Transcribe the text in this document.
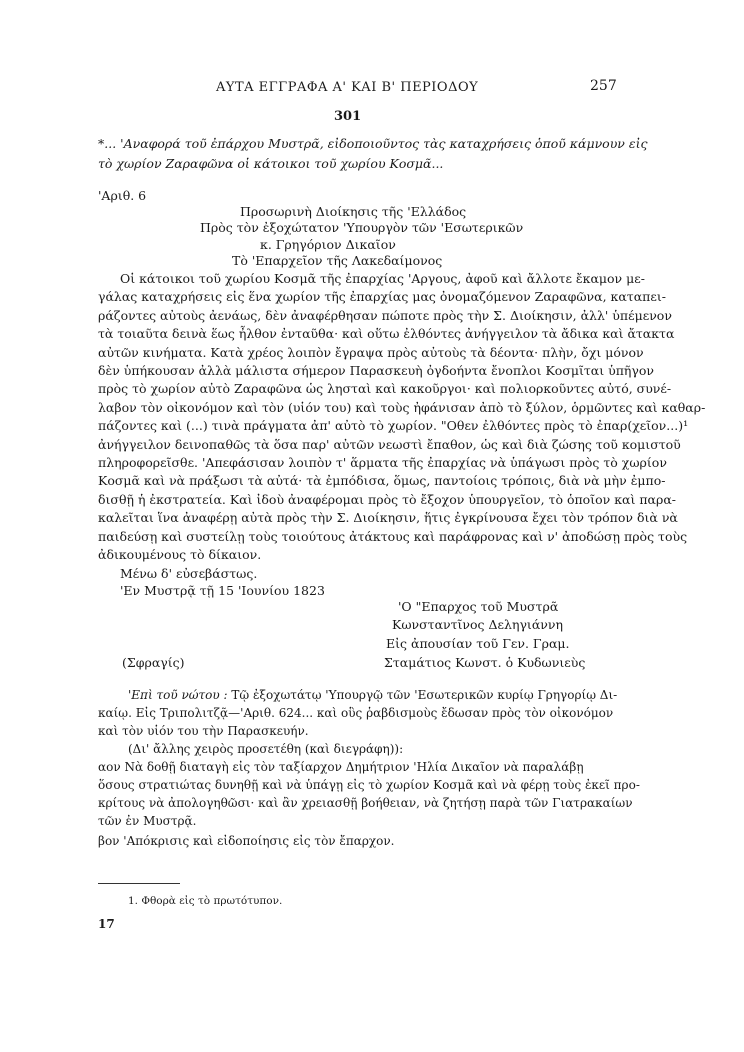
ΑΥΤΑ ΕΓΓΡΑΦΑ Α' ΚΑΙ Β' ΠΕΡΙΟΔΟΥ	257
301
*... 'Αναφορά τοῦ ἐπάρχου Μυστρᾶ, εἰδοποιοῦντος τὰς καταχρήσεις ὁποῦ κάμνουν εἰς
τὸ χωρίον Ζαραφῶνα οἱ κάτοικοι τοῦ χωρίου Κοσμᾶ...
'Αριθ. 6
Προσωρινὴ Διοίκησις τῆς 'Ελλάδος
Πρὸς τὸν ἐξοχώτατον 'Υπουργὸν τῶν 'Εσωτερικῶν
κ. Γρηγόριον Δικαῖον
Τὸ 'Επαρχεῖον τῆς Λακεδαίμονος
Οἱ κάτοικοι τοῦ χωρίου Κοσμᾶ τῆς ἐπαρχίας 'Αργους, ἀφοῦ καὶ ἄλλοτε ἔκαμον με-
γάλας καταχρήσεις εἰς ἕνα χωρίον τῆς ἐπαρχίας μας ὀνομαζόμενον Ζαραφῶνα, καταπει-
ράζοντες αὐτοὺς ἀενάως, δὲν ἀναφέρθησαν πώποτε πρὸς τὴν Σ. Διοίκησιν, ἀλλ' ὑπέμενον
τὰ τοιαῦτα δεινὰ ἕως ἦλθον ἐνταῦθα· καὶ οὕτω ἐλθόντες ἀνήγγειλον τὰ ἄδικα καὶ ἄτακτα
αὐτῶν κινήματα. Κατὰ χρέος λοιπὸν ἔγραψα πρὸς αὐτοὺς τὰ δέοντα· πλὴν, ὄχι μόνον
δὲν ὑπήκουσαν ἀλλὰ μάλιστα σήμερον Παρασκευὴ ὀγδοήντα ἔνοπλοι Κοσμῖται ὑπῆγον
πρὸς τὸ χωρίον αὐτὸ Ζαραφῶνα ὡς λησταὶ καὶ κακοῦργοι· καὶ πολιορκοῦντες αὐτό, συνέ-
λαβον τὸν οἰκονόμον καὶ τὸν (υἱόν του) καὶ τοὺς ἠφάνισαν ἀπὸ τὸ ξύλον, ὁρμῶντες καὶ καθαρ-
πάζοντες καὶ (...) τινὰ πράγματα ἀπ' αὐτὸ τὸ χωρίον. "Οθεν ἐλθόντες πρὸς τὸ ἐπαρ(χεῖον...)¹
ἀνήγγειλον δεινοπαθῶς τὰ ὅσα παρ' αὐτῶν νεωστὶ ἔπαθον, ὡς καὶ διὰ ζώσης τοῦ κομιστοῦ
πληροφορεῖσθε. 'Απεφάσισαν λοιπὸν τ' ἅρματα τῆς ἐπαρχίας νὰ ὑπάγωσι πρὸς τὸ χωρίον
Κοσμᾶ καὶ νὰ πράξωσι τὰ αὐτά· τὰ ἐμπόδισα, ὅμως, παντοίοις τρόποις, διὰ νὰ μὴν ἐμπο-
δισθῇ ἡ ἐκστρατεία. Καὶ ἰδοὺ ἀναφέρομαι πρὸς τὸ ἔξοχον ὑπουργεῖον, τὸ ὁποῖον καὶ παρα-
καλεῖται ἵνα ἀναφέρῃ αὐτὰ πρὸς τὴν Σ. Διοίκησιν, ἥτις ἐγκρίνουσα ἔχει τὸν τρόπον διὰ νὰ
παιδεύσῃ καὶ συστείλῃ τοὺς τοιούτους ἀτάκτους καὶ παράφρονας καὶ ν' ἀποδώσῃ πρὸς τοὺς
ἀδικουμένους τὸ δίκαιον.
Μένω δ' εὐσεβάστως.
'Εν Μυστρᾷ τῇ 15 'Ιουνίου 1823
'Ο "Επαρχος τοῦ Μυστρᾶ
Κωνσταντῖνος Δεληγιάννη
Εἰς ἀπουσίαν τοῦ Γεν. Γραμ.
Σταμάτιος Κωνστ. ὁ Κυδωνιεὺς
(Σφραγίς)
'Επὶ τοῦ νώτου : Τῷ ἐξοχωτάτῳ 'Υπουργῷ τῶν 'Εσωτερικῶν κυρίῳ Γρηγορίῳ Δι-
καίῳ. Εἰς Τριπολιτζᾷ—'Αριθ. 624... καὶ οὓς ῥαβδισμοὺς ἔδωσαν πρὸς τὸν οἰκονόμον
καὶ τὸν υἱόν του τὴν Παρασκευήν.
(Δι' ἄλλης χειρὸς προσετέθη (καὶ διεγράφη)):
αον Νὰ δοθῇ διαταγὴ εἰς τὸν ταξίαρχον Δημήτριον 'Ηλία Δικαῖον νὰ παραλάβῃ
ὅσους στρατιώτας δυνηθῇ καὶ νὰ ὑπάγῃ εἰς τὸ χωρίον Κοσμᾶ καὶ νὰ φέρῃ τοὺς ἐκεῖ προ-
κρίτους νὰ ἀπολογηθῶσι· καὶ ἂν χρειασθῇ βοήθειαν, νὰ ζητήσῃ παρὰ τῶν Γιατρακαίων
τῶν ἐν Μυστρᾷ.
βον 'Απόκρισις καὶ εἰδοποίησις εἰς τὸν ἔπαρχον.
1. Φθορὰ εἰς τὸ πρωτότυπον.
17
